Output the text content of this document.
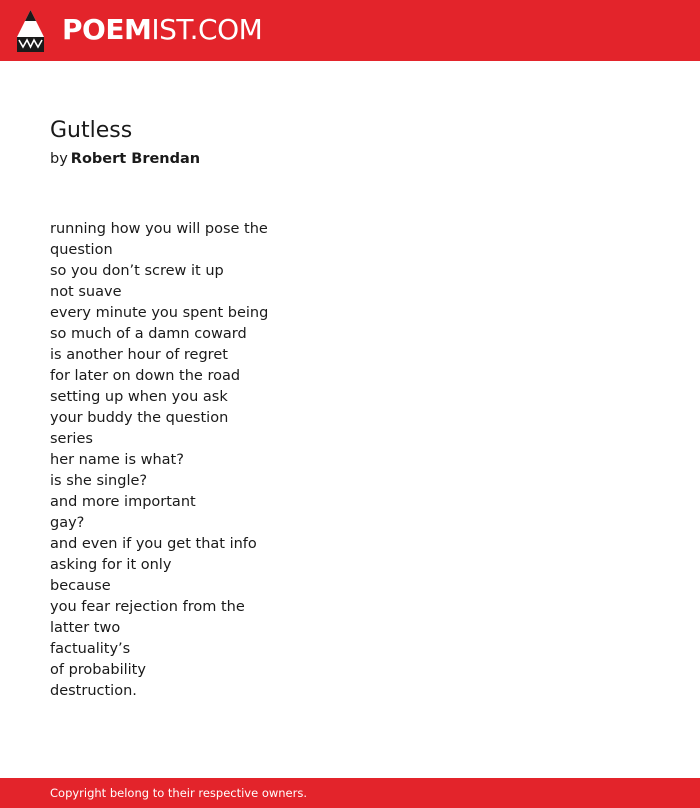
POEMIST.COM
Gutless
by Robert Brendan
running how you will pose the
question
so you don’t screw it up
not suave
every minute you spent being
so much of a damn coward
is another hour of regret
for later on down the road
setting up when you ask
your buddy the question
series
her name is what?
is she single?
and more important
gay?
and even if you get that info
asking for it only
because
you fear rejection from the
latter two
factuality’s
of probability
destruction.
Copyright belong to their respective owners.
